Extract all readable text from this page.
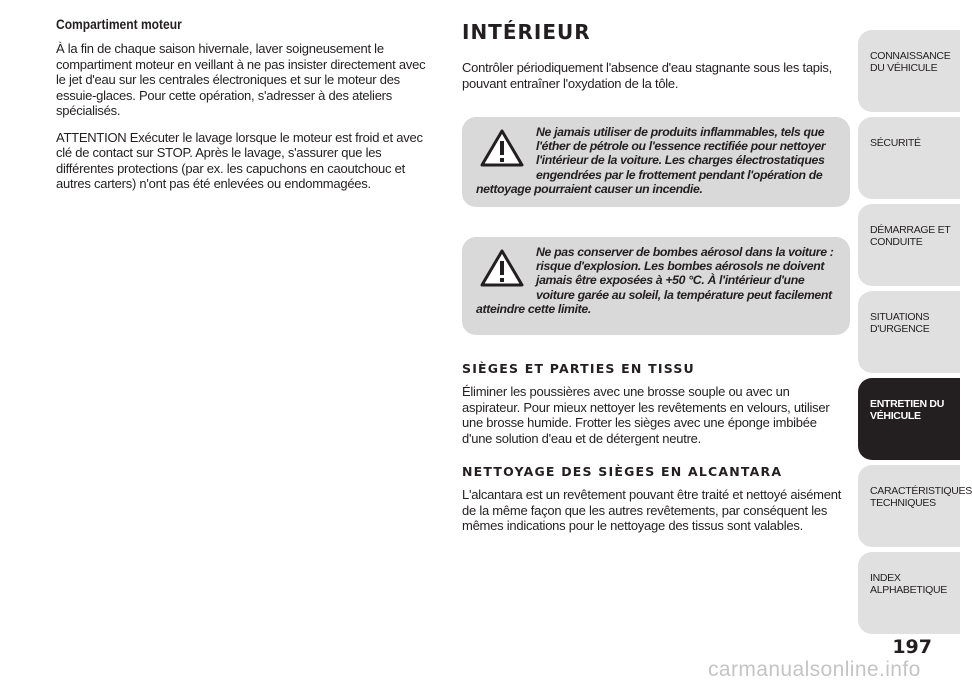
Compartiment moteur

À la fin de chaque saison hivernale, laver soigneusement le compartiment moteur en veillant à ne pas insister directement avec le jet d'eau sur les centrales électroniques et sur le moteur des essuie-glaces. Pour cette opération, s'adresser à des ateliers spécialisés.

ATTENTION Exécuter le lavage lorsque le moteur est froid et avec clé de contact sur STOP. Après le lavage, s'assurer que les différentes protections (par ex. les capuchons en caoutchouc et autres carters) n'ont pas été enlevées ou endommagées.

INTÉRIEUR

Contrôler périodiquement l'absence d'eau stagnante sous les tapis, pouvant entraîner l'oxydation de la tôle.

Ne jamais utiliser de produits inflammables, tels que l'éther de pétrole ou l'essence rectifiée pour nettoyer l'intérieur de la voiture. Les charges électrostatiques engendrées par le frottement pendant l'opération de nettoyage pourraient causer un incendie.

Ne pas conserver de bombes aérosol dans la voiture : risque d'explosion. Les bombes aérosols ne doivent jamais être exposées à +50 °C. À l'intérieur d'une voiture garée au soleil, la température peut facilement atteindre cette limite.

SIÈGES ET PARTIES EN TISSU

Éliminer les poussières avec une brosse souple ou avec un aspirateur. Pour mieux nettoyer les revêtements en velours, utiliser une brosse humide. Frotter les sièges avec une éponge imbibée d'une solution d'eau et de détergent neutre.

NETTOYAGE DES SIÈGES EN ALCANTARA

L'alcantara est un revêtement pouvant être traité et nettoyé aisément de la même façon que les autres revêtements, par conséquent les mêmes indications pour le nettoyage des tissus sont valables.

CONNAISSANCE DU VÉHICULE
SÉCURITÉ
DÉMARRAGE ET CONDUITE
SITUATIONS D'URGENCE
ENTRETIEN DU VÉHICULE
CARACTÉRISTIQUES TECHNIQUES
INDEX ALPHABETIQUE
197
carmanualsonline.info
